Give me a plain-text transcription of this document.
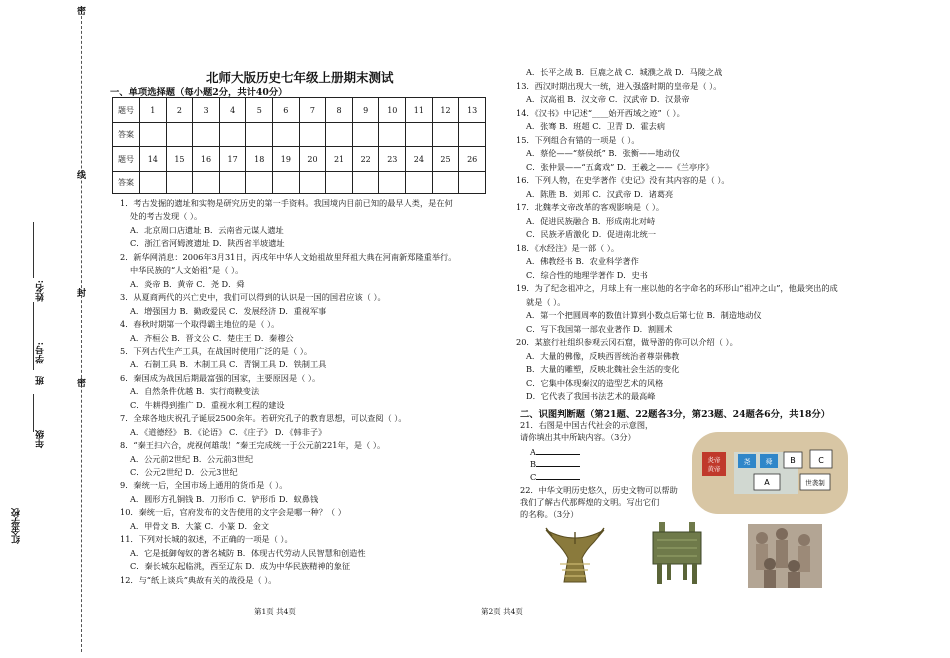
密
封
线
密
红金学校
年级
班
学号:
姓名:
北师大版历史七年级上册期末测试
一、单项选择题（每小题2分，共计40分）
题号	1	2	3	4	5	6	7	8	9	10	11	12	13
答案													
题号	14	15	16	17	18	19	20	21	22	23	24	25	26
答案													
1．考古发掘的遗址和实物是研究历史的第一手资料。我国境内目前已知的最早人类，是在何
处的考古发现（ ）。
A．北京周口店遗址 B．云南省元谋人遗址
C．浙江省河姆渡遗址 D．陕西省半坡遗址
2．新华网消息：2006年3月31日，丙戌年中华人文始祖故里拜祖大典在河南新郑隆重举行。
中华民族的“人文始祖”是（ ）。
A．炎帝 B．黄帝 C．尧 D．舜
3．从夏商两代的兴亡史中，我们可以得到的认识是一国的国君应该（ ）。
A．增强国力 B．勤政爱民 C．发展经济 D．重视军事
4．春秋时期第一个取得霸主地位的是（ ）。
A．齐桓公 B．晋文公 C．楚庄王 D．秦穆公
5．下列古代生产工具，在战国时使用广泛的是（ ）。
A．石制工具 B．木制工具 C．青铜工具 D．铁制工具
6．秦国成为战国后期最富强的国家，主要原因是（ ）。
A．自然条件优越 B．实行商鞅变法
C．牛耕得到推广 D．重视水利工程的建设
7．全球各地庆祝孔子诞辰2500余年。若研究孔子的教育思想，可以查阅（ ）。
A．《道德经》 B．《论语》 C．《庄子》 D．《韩非子》
8．“秦王扫六合，虎视何雄哉！”秦王完成统一于公元前221年，是（ ）。
A．公元前2世纪 B．公元前3世纪
C．公元2世纪 D．公元3世纪
9．秦统一后，全国市场上通用的货币是（ ）。
A．圆形方孔铜钱 B．刀形币 C．铲形币 D．蚁鼻钱
10．秦统一后，官府发布的文告使用的文字会是哪一种？（ ）
A．甲骨文 B．大篆 C．小篆 D．金文
11．下列对长城的叙述，不正确的一项是（ ）。
A．它是抵御匈奴的著名城防 B．体现古代劳动人民智慧和创造性
C．秦长城东起临洮，西至辽东 D．成为中华民族精神的象征
12．与“纸上谈兵”典故有关的战役是（ ）。
A．长平之战 B．巨鹿之战 C．城濮之战 D．马陵之战
13．西汉时期出现大一统，进入强盛时期的皇帝是（ ）。
A．汉高祖 B．汉文帝 C．汉武帝 D．汉景帝
14．《汉书》中记述“____始开西域之迹”（ ）。
A．张骞 B．班超 C．卫青 D．霍去病
15．下列组合有错的一项是（ ）。
A．蔡伦——“蔡侯纸” B．张衡——地动仪
C．张仲景——“五禽戏” D．王羲之——《兰亭序》
16．下列人物，在史学著作《史记》没有其内容的是（ ）。
A．陈胜 B．刘邦 C．汉武帝 D．诸葛亮
17．北魏孝文帝改革的客观影响是（ ）。
A．促进民族融合 B．形成南北对峙
C．民族矛盾激化 D．促进南北统一
18．《水经注》是一部（ ）。
A．佛教经书 B．农业科学著作
C．综合性的地理学著作 D．史书
19．为了纪念祖冲之，月球上有一座以他的名字命名的环形山“祖冲之山”，他最突出的成
就是（ ）。
A．第一个把圆周率的数值计算到小数点后第七位 B．制造地动仪
C．写下我国第一部农业著作 D．割圆术
20．某旅行社组织参观云冈石窟，做导游的你可以介绍（ ）。
A．大量的佛像，反映西晋统治者尊崇佛教
B．大量的雕塑，反映北魏社会生活的变化
C．它集中体现秦汉的造型艺术的风格
D．它代表了我国书法艺术的最高峰
二、识图判断题（第21题、22题各3分，第23题、24题各6分，共18分）
21．右图是中国古代社会的示意图，
请你填出其中所缺内容。（3分）
A
B
C
22．中华文明历史悠久，历史文物可以帮助
我们了解古代那辉煌的文明。写出它们
的名称。（3分）
炎帝
黄帝
尧 舜 B	C
A	世袭制
第1页 共4页	第2页 共4页
